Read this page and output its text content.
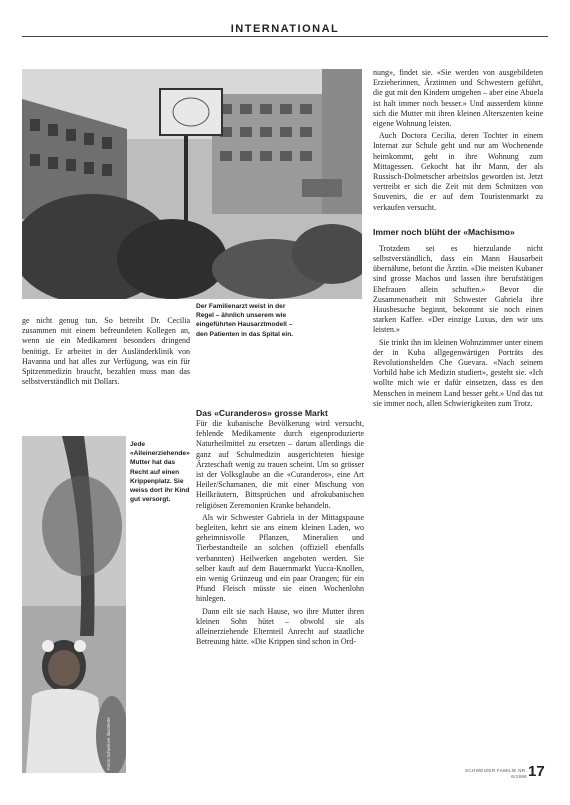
INTERNATIONAL
Fotos Schweizer Illustrierte
Der Familienarzt weist in der Regel – ähnlich unserem wie eingeführten Hausarztmodell – den Patienten in das Spital ein.
Jede «Alleinerziehende» Mutter hat das Recht auf einen Krippenplatz. Sie weiss dort ihr Kind gut versorgt.

ge nicht genug tun. So betreibt Dr. Cecilia zusammen mit einem befreundeten Kollegen an, wenn sie ein Medikament besonders dringend benötigt. Er arbeitet in der Ausländerklinik von Havanna und hat alles zur Verfügung, was ein für Spitzenmedizin braucht, bezahlen muss man das selbstverständlich mit Dollars.

Das «Curanderos» grosse Markt

Für die kubanische Bevölkerung wird versucht, fehlende Medikamente durch eigenproduzierte Naturheilmittel zu ersetzen – darum allerdings die ganz auf Schulmedizin ausgerichteten hiesige Ärzteschaft wenig zu trauen scheint. Um so grösser ist der Volksglaube an die «Curanderos», eine Art Heiler/Schamanen, die mit einer Mischung von Heilkräutern, Bittsprüchen und afrokubanischen religiösen Zeremonien Kranke behandeln.

Als wir Schwester Gabriela in der Mittagspause begleiten, kehrt sie ans einem kleinen Laden, wo geheimnisvolle Pflanzen, Mineralien und Tierbestandteile an solchen (offiziell ebenfalls verbannten) Heilwerken angeboten werden. Sie selber kauft auf dem Bauernmarkt Yucca-Knollen, ein wenig Grünzeug und ein paar Orangen; für ein Pfund Fleisch müsste sie einen Wochenlohn hinlegen.

Dann eilt sie nach Hause, wo ihre Mutter ihren kleinen Sohn hütet – obwohl sie als alleinerziehende Elternteil Anrecht auf staatliche Betreuung hätte. «Die Krippen sind schon in Ord-

nung», findet sie. «Sie werden von ausgebildeten Erzieherinnen, Ärztinnen und Schwestern geführt, die gut mit den Kindern umgehen – aber eine Abuela ist halt immer noch besser.» Und ausserdem könne sich die Mutter mit ihren kleinen Alterszenten keine eigene Wohnung leisten.

Auch Doctora Cecilia, deren Tochter in einem Internat zur Schule geht und nur am Wochenende heimkommt, geht in ihre Wohnung zum Mittagessen. Gekocht hat ihr Mann, der als Russisch-Dolmetscher arbeitslos geworden ist. Jetzt vertreibt er sich die Zeit mit dem Schnitzen von Souvenirs, die er auf dem Touristenmarkt zu verkaufen versucht.

Immer noch blüht der «Machismo»

Trotzdem sei es hierzulande nicht selbstverständlich, dass ein Mann Hausarbeit übernähme, betont die Ärztin. «Die meisten Kubaner sind grosse Machos und lassen ihre berufstätigen Ehefrauen allein schuften.» Bevor die Zusammenarbeit mit Schwester Gabriela ihre Hausbesuche beginnt, bekommt sie noch einen starken Kaffee. «Der einzige Luxus, den wir uns leisten.»

Sie trinkt ihn im kleinen Wohnzimmer unter einem der in Kuba allgegenwärtigen Porträts des Revolutionshelden Che Guevara. «Nach seinem Vorbild habe ich Medizin studiert», gesteht sie. «Ich wollte mich wie er dafür einsetzen, dass es den Menschen in meinem Land besser geht.» Und das tut sie immer noch, allen Schwierigkeiten zum Trotz.

SCHWEIZER FAMILIE NR. 6/1996 17
